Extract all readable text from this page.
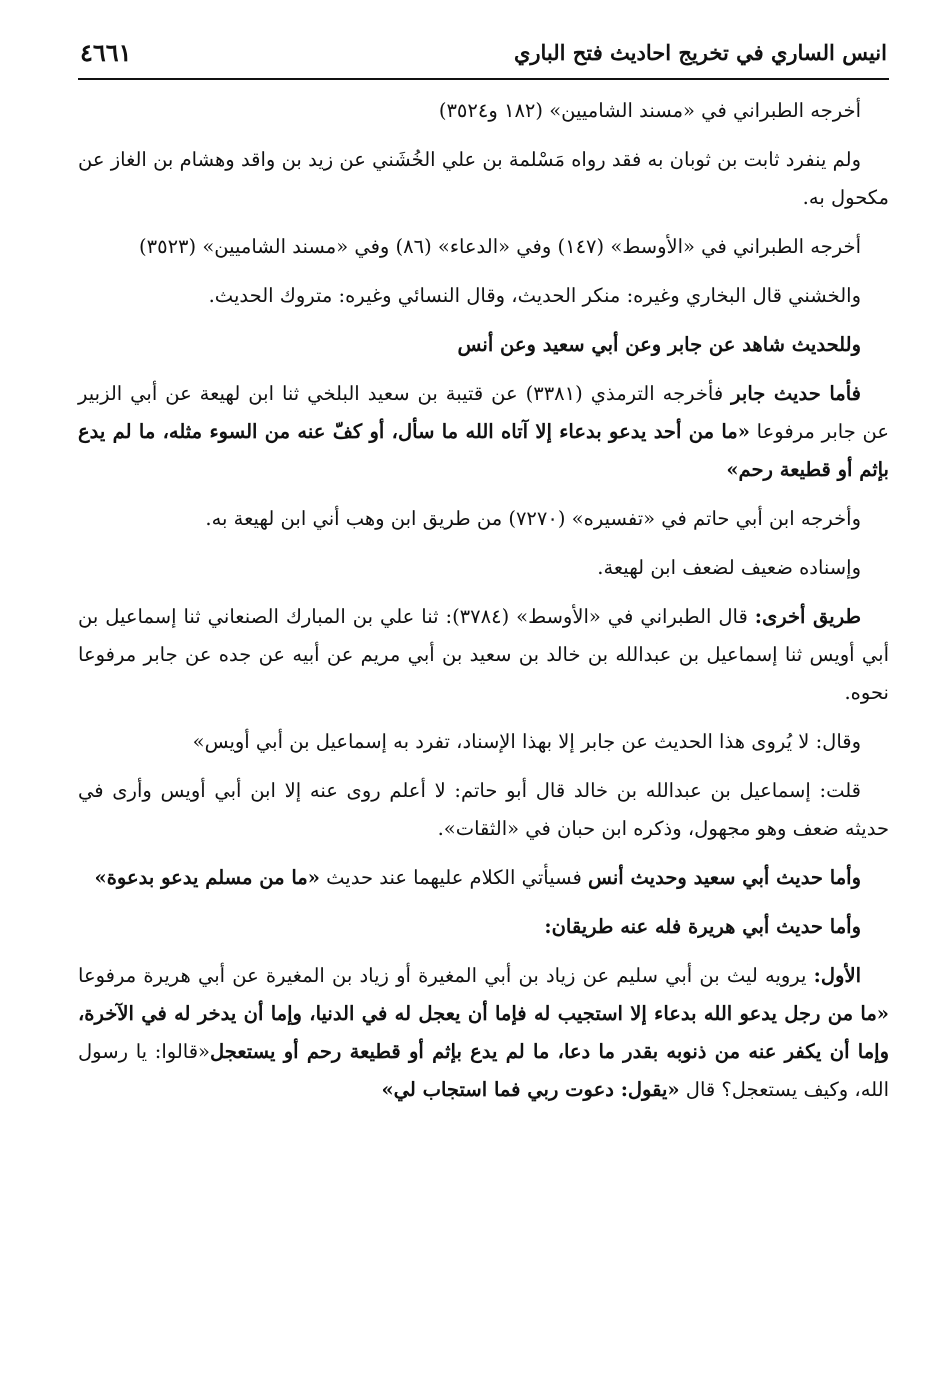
انيس الساري في تخريج احاديث فتح الباري
٤٦٦١

أخرجه الطبراني في «مسند الشاميين» (١٨٢ و٣٥٢٤)

ولم ينفرد ثابت بن ثوبان به فقد رواه مَسْلمة بن علي الخُشَني عن زيد بن واقد وهشام بن الغاز عن مكحول به.

أخرجه الطبراني في «الأوسط» (١٤٧) وفي «الدعاء» (٨٦) وفي «مسند الشاميين» (٣٥٢٣)

والخشني قال البخاري وغيره: منكر الحديث، وقال النسائي وغيره: متروك الحديث.

وللحديث شاهد عن جابر وعن أبي سعيد وعن أنس

فأما حديث جابر فأخرجه الترمذي (٣٣٨١) عن قتيبة بن سعيد البلخي ثنا ابن لهيعة عن أبي الزبير عن جابر مرفوعا «ما من أحد يدعو بدعاء إلا آتاه الله ما سأل، أو كفّ عنه من السوء مثله، ما لم يدع بإثم أو قطيعة رحم»

وأخرجه ابن أبي حاتم في «تفسيره» (٧٢٧٠) من طريق ابن وهب أني ابن لهيعة به.

وإسناده ضعيف لضعف ابن لهيعة.

طريق أخرى: قال الطبراني في «الأوسط» (٣٧٨٤): ثنا علي بن المبارك الصنعاني ثنا إسماعيل بن أبي أويس ثنا إسماعيل بن عبدالله بن خالد بن سعيد بن أبي مريم عن أبيه عن جده عن جابر مرفوعا نحوه.

وقال: لا يُروى هذا الحديث عن جابر إلا بهذا الإسناد، تفرد به إسماعيل بن أبي أويس»

قلت: إسماعيل بن عبدالله بن خالد قال أبو حاتم: لا أعلم روى عنه إلا ابن أبي أويس وأرى في حديثه ضعف وهو مجهول، وذكره ابن حبان في «الثقات».

وأما حديث أبي سعيد وحديث أنس فسيأتي الكلام عليهما عند حديث «ما من مسلم يدعو بدعوة»

وأما حديث أبي هريرة فله عنه طريقان:

الأول: يرويه ليث بن أبي سليم عن زياد بن أبي المغيرة أو زياد بن المغيرة عن أبي هريرة مرفوعا «ما من رجل يدعو الله بدعاء إلا استجيب له فإما أن يعجل له في الدنيا، وإما أن يدخر له في الآخرة، وإما أن يكفر عنه من ذنوبه بقدر ما دعا، ما لم يدع بإثم أو قطيعة رحم أو يستعجل«قالوا: يا رسول الله، وكيف يستعجل؟ قال «يقول: دعوت ربي فما استجاب لي»
